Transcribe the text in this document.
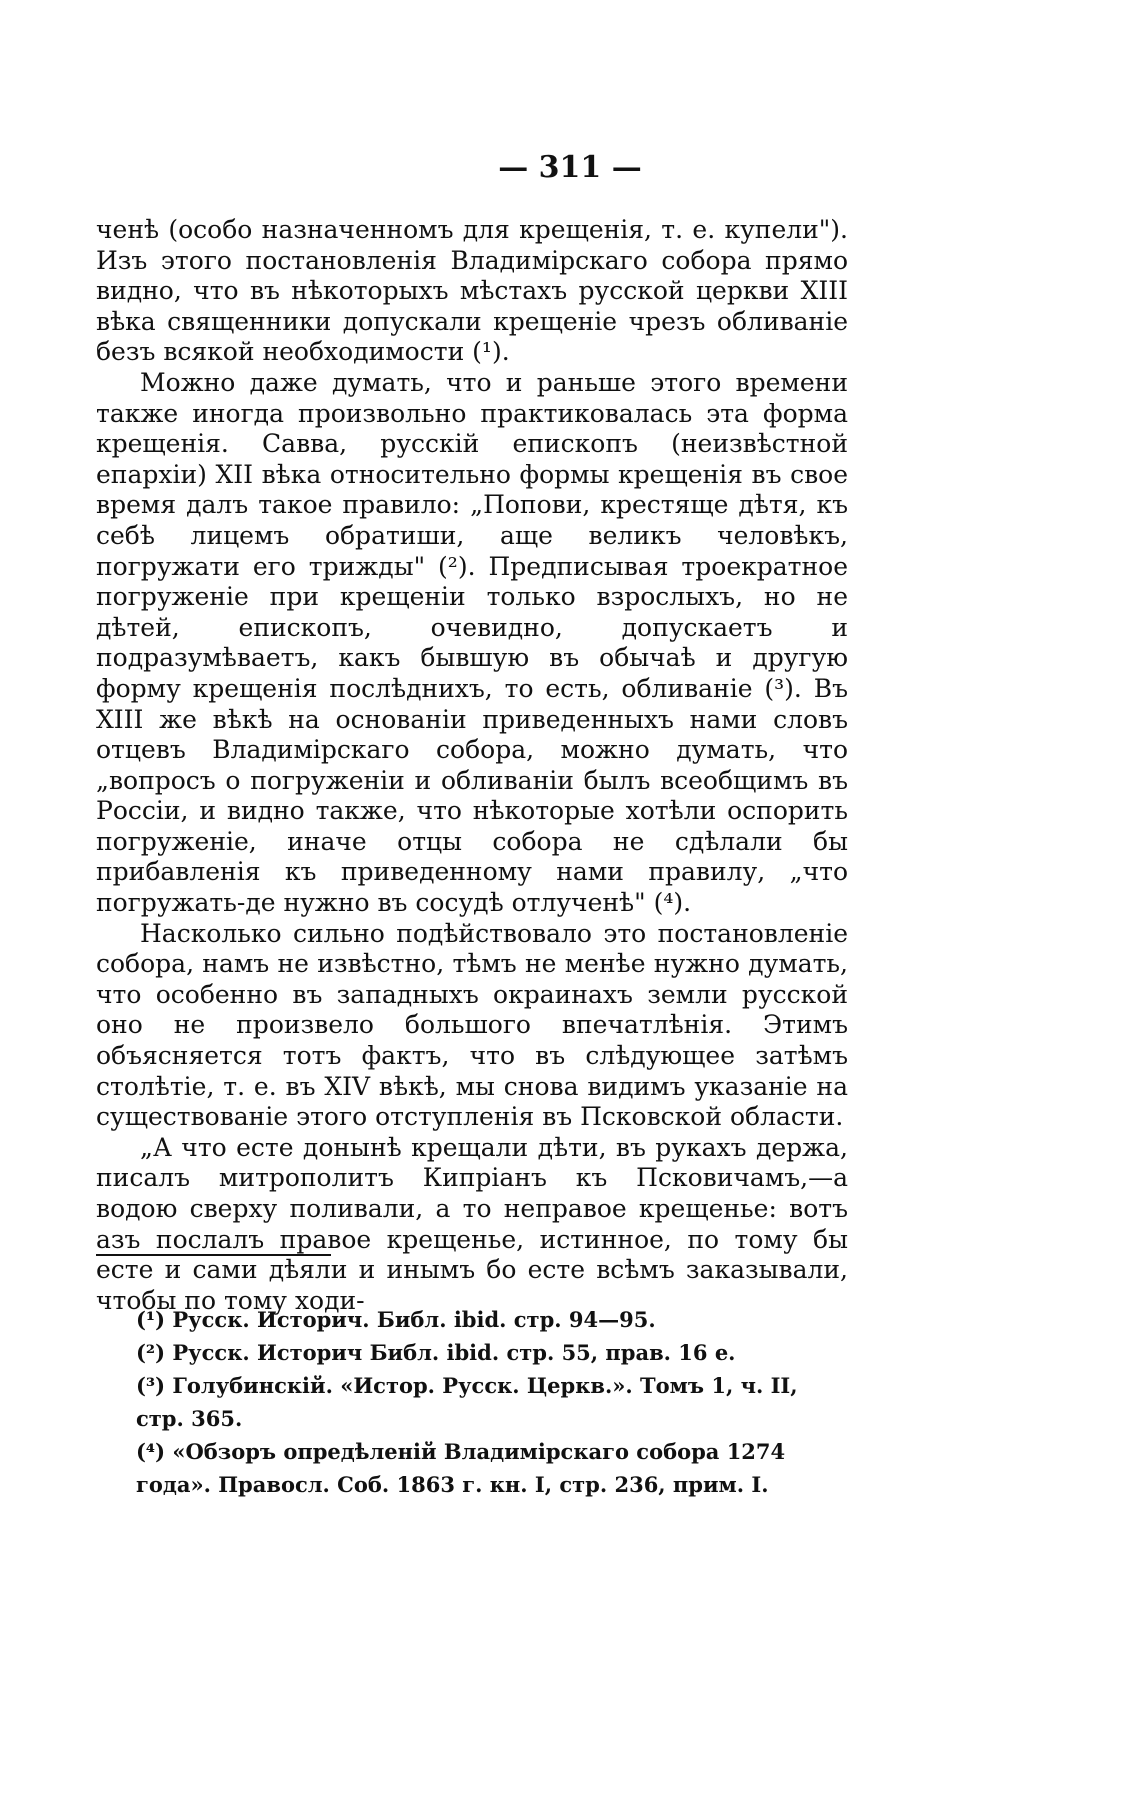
— 311 —

ченѣ (особо назначенномъ для крещенія, т. е. купели"). Изъ этого постановленія Владимірскаго собора прямо видно, что въ нѣкоторыхъ мѣстахъ русской церкви XIII вѣка священники допускали крещеніе чрезъ обливаніе безъ всякой необходимости (¹).

Можно даже думать, что и раньше этого времени также иногда произвольно практиковалась эта форма крещенія. Савва, русскій епископъ (неизвѣстной епархіи) XII вѣка относительно формы крещенія въ свое время далъ такое правило: „Попови, крестяще дѣтя, къ себѣ лицемъ обратиши, аще великъ человѣкъ, погружати его трижды" (²). Предписывая троекратное погруженіе при крещеніи только взрослыхъ, но не дѣтей, епископъ, очевидно, допускаетъ и подразумѣваетъ, какъ бывшую въ обычаѣ и другую форму крещенія послѣднихъ, то есть, обливаніе (³). Въ XIII же вѣкѣ на основаніи приведенныхъ нами словъ отцевъ Владимірскаго собора, можно думать, что „вопросъ о погруженіи и обливаніи былъ всеобщимъ въ Россіи, и видно также, что нѣкоторые хотѣли оспорить погруженіе, иначе отцы собора не сдѣлали бы прибавленія къ приведенному нами правилу, „что погружать-де нужно въ сосудѣ отлученѣ" (⁴).

Насколько сильно подѣйствовало это постановленіе собора, намъ не извѣстно, тѣмъ не менѣе нужно думать, что особенно въ западныхъ окраинахъ земли русской оно не произвело большого впечатлѣнія. Этимъ объясняется тотъ фактъ, что въ слѣдующее затѣмъ столѣтіе, т. е. въ XIV вѣкѣ, мы снова видимъ указаніе на существованіе этого отступленія въ Псковской области.

„А что есте донынѣ крещали дѣти, въ рукахъ держа, писалъ митрополитъ Кипріанъ къ Псковичамъ,—а водою сверху поливали, а то неправое крещенье: вотъ азъ послалъ правое крещенье, истинное, по тому бы есте и сами дѣяли и инымъ бо есте всѣмъ заказывали, чтобы по тому ходи-

(¹) Русск. Историч. Библ. ibid. стр. 94—95.

(²) Русск. Историч Библ. ibid. стр. 55, прав. 16 е.

(³) Голубинскій. «Истор. Русск. Церкв.». Томъ 1, ч. II, стр. 365.

(⁴) «Обзоръ опредѣленій Владимірскаго собора 1274 года». Правосл. Соб. 1863 г. кн. I, стр. 236, прим. I.
